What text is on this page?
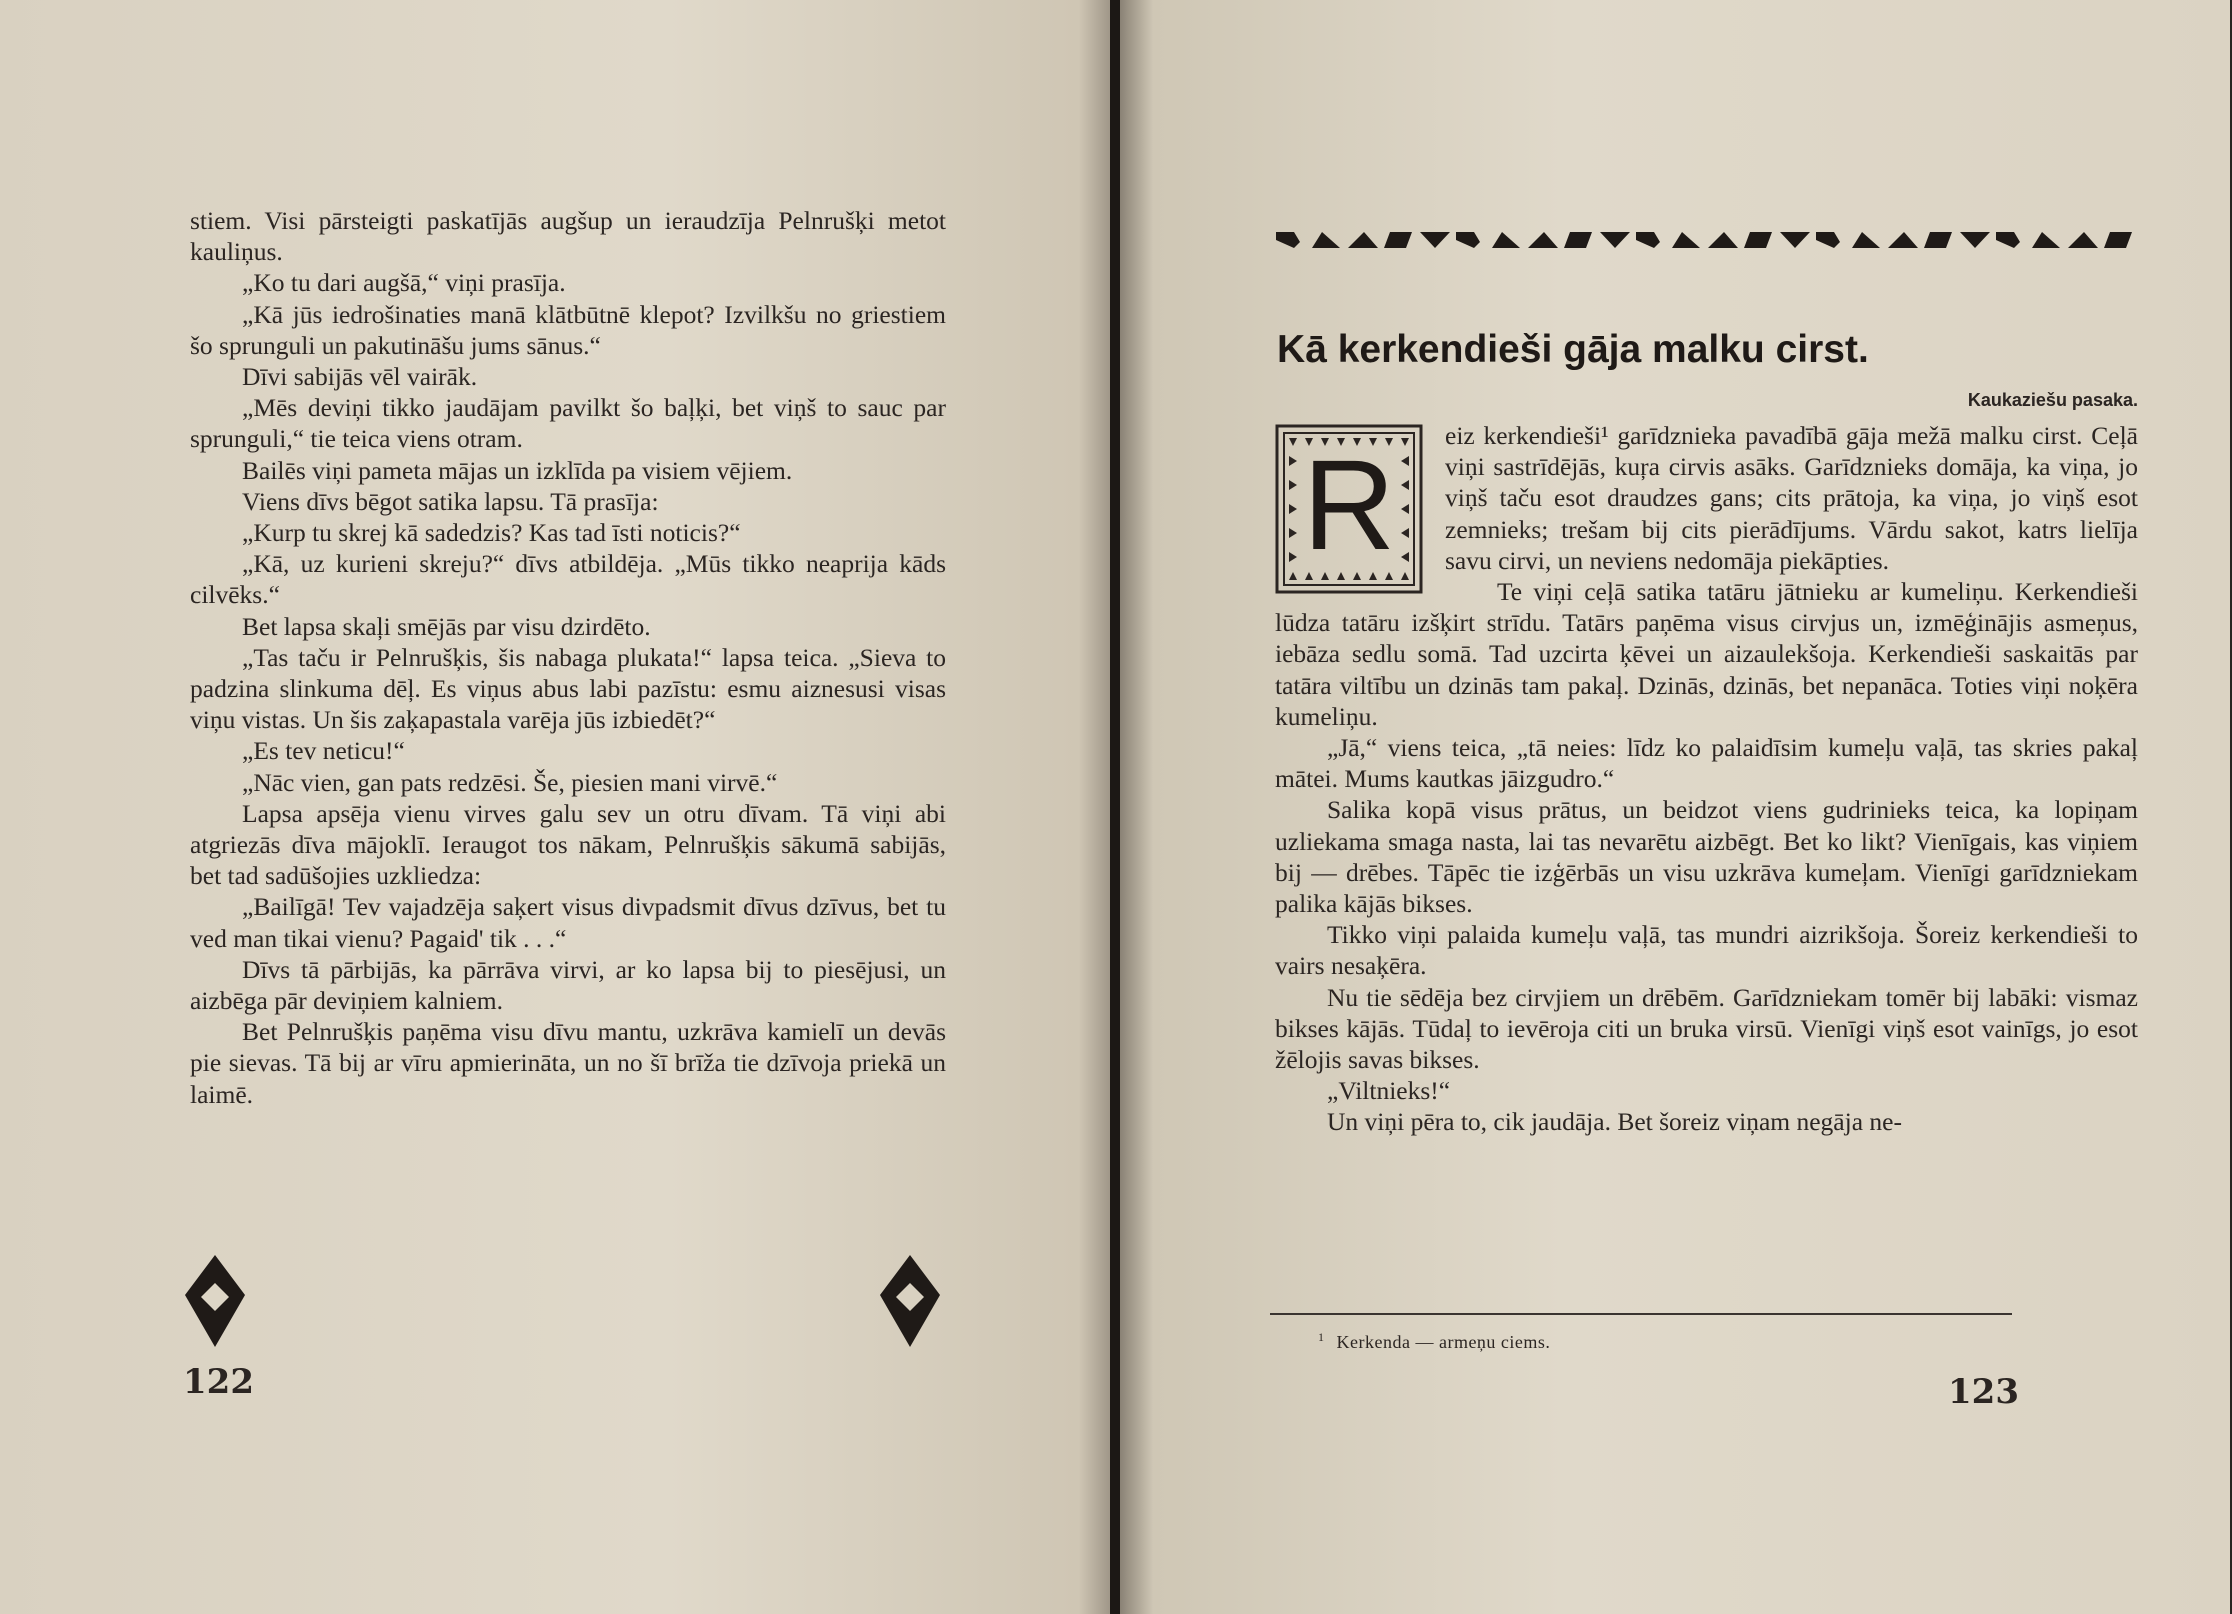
stiem. Visi pārsteigti paskatījās augšup un ieraudzīja Pelnrušķi metot kauliņus.

„Ko tu dari augšā,“ viņi prasīja.

„Kā jūs iedrošinaties manā klātbūtnē klepot? Izvilkšu no griestiem šo sprunguli un pakutināšu jums sānus.“

Dīvi sabijās vēl vairāk.

„Mēs deviņi tikko jaudājam pavilkt šo baļķi, bet viņš to sauc par sprunguli,“ tie teica viens otram.

Bailēs viņi pameta mājas un izklīda pa visiem vējiem.

Viens dīvs bēgot satika lapsu. Tā prasīja:

„Kurp tu skrej kā sadedzis? Kas tad īsti noticis?“

„Kā, uz kurieni skreju?“ dīvs atbildēja. „Mūs tikko neaprija kāds cilvēks.“

Bet lapsa skaļi smējās par visu dzirdēto.

„Tas taču ir Pelnrušķis, šis nabaga plukatа!“ lapsa teica. „Sieva to padzina slinkuma dēļ. Es viņus abus labi pazīstu: esmu aiznesusi visas viņu vistas. Un šis zaķapastala varēja jūs izbiedēt?“

„Es tev neticu!“

„Nāc vien, gan pats redzēsi. Še, piesien mani virvē.“

Lapsa apsēja vienu virves galu sev un otru dīvam. Tā viņi abi atgriezās dīva mājoklī. Ieraugot tos nākam, Pelnrušķis sākumā sabijās, bet tad sadūšojies uzkliedza:

„Bailīgā! Tev vajadzēja saķert visus divpadsmit dīvus dzīvus, bet tu ved man tikai vienu? Pagaid' tik . . .“

Dīvs tā pārbijās, ka pārrāva virvi, ar ko lapsa bij to piesējusi, un aizbēga pār deviņiem kalniem.

Bet Pelnrušķis paņēma visu dīvu mantu, uzkrāva kamielī un devās pie sievas. Tā bij ar vīru apmierināta, un no šī brīža tie dzīvoja priekā un laimē.

122
Kā kerkendieši gāja malku cirst.
Kaukaziešu pasaka.
R	eiz kerkendieši¹ garīdznieka pavadībā gāja mežā malku cirst. Ceļā viņi sastrīdējās, kuŗa cirvis asāks. Garīdznieks domāja, ka viņa, jo viņš taču esot draudzes gans; cits prātoja, ka viņa, jo viņš esot zemnieks; trešam bij cits pierādījums. Vārdu sakot, katrs lielīja savu cirvi, un neviens nedomāja piekāpties.

Te viņi ceļā satika tatāru jātnieku ar kumeliņu. Kerkendieši lūdza tatāru izšķirt strīdu. Tatārs paņēma visus cirvjus un, izmēģinājis asmeņus, iebāza sedlu somā. Tad uzcirta ķēvei un aizaulekšoja. Kerkendieši saskaitās par tatāra viltību un dzinās tam pakaļ. Dzinās, dzinās, bet nepanāca. Toties viņi noķēra kumeliņu.

„Jā,“ viens teica, „tā neies: līdz ko palaidīsim kumeļu vaļā, tas skries pakaļ mātei. Mums kautkas jāizgudro.“

Salika kopā visus prātus, un beidzot viens gudrinieks teica, ka lopiņam uzliekama smaga nasta, lai tas nevarētu aizbēgt. Bet ko likt? Vienīgais, kas viņiem bij — drēbes. Tāpēc tie izģērbās un visu uzkrāva kumeļam. Vienīgi garīdzniekam palika kājās bikses.

Tikko viņi palaida kumeļu vaļā, tas mundri aizrikšoja. Šoreiz kerkendieši to vairs nesaķēra.

Nu tie sēdēja bez cirvjiem un drēbēm. Garīdzniekam tomēr bij labāki: vismaz bikses kājās. Tūdaļ to ievēroja citi un bruka virsū. Vienīgi viņš esot vainīgs, jo esot žēlojis savas bikses.

„Viltnieks!“

Un viņi pēra to, cik jaudāja. Bet šoreiz viņam negāja ne-

$^1$ Kerkenda — armeņu ciems.
123
